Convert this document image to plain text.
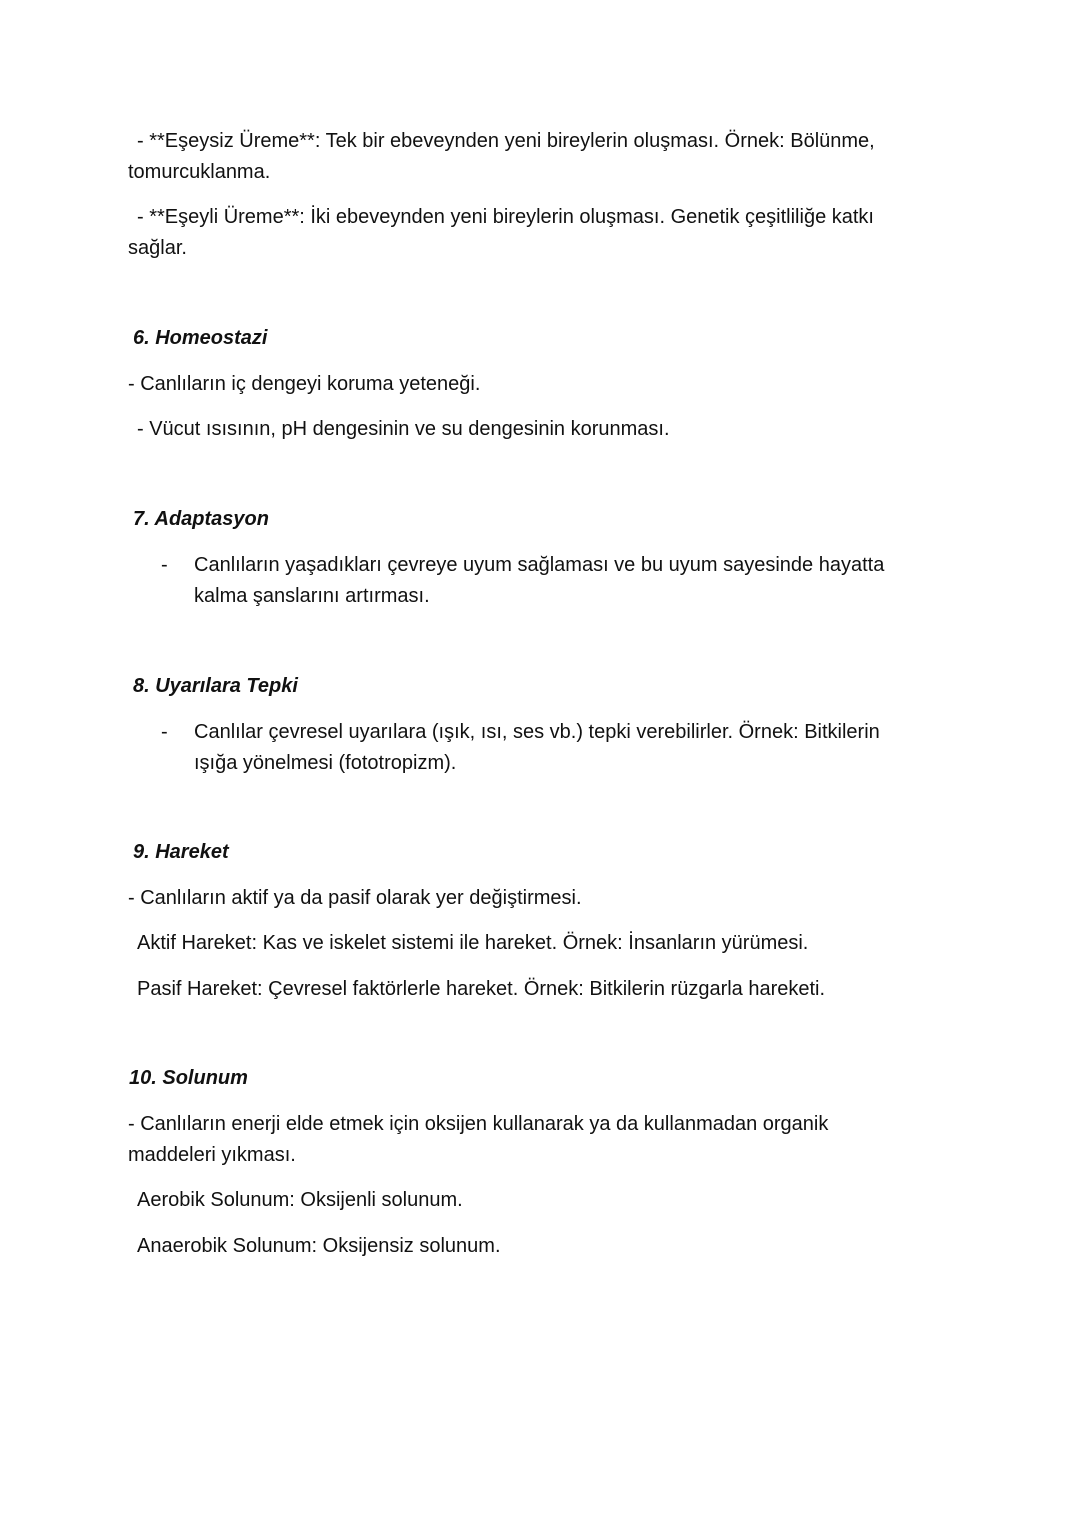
- **Eşeysiz Üreme**: Tek bir ebeveynden yeni bireylerin oluşması. Örnek: Bölünme, tomurcuklanma.

- **Eşeyli Üreme**: İki ebeveynden yeni bireylerin oluşması. Genetik çeşitliliğe katkı sağlar.

6. Homeostazi

- Canlıların iç dengeyi koruma yeteneği.

- Vücut ısısının, pH dengesinin ve su dengesinin korunması.

7. Adaptasyon
- Canlıların yaşadıkları çevreye uyum sağlaması ve bu uyum sayesinde hayatta kalma şanslarını artırması.
8. Uyarılara Tepki
- Canlılar çevresel uyarılara (ışık, ısı, ses vb.) tepki verebilirler. Örnek: Bitkilerin ışığa yönelmesi (fototropizm).
9. Hareket

- Canlıların aktif ya da pasif olarak yer değiştirmesi.

Aktif Hareket: Kas ve iskelet sistemi ile hareket. Örnek: İnsanların yürümesi.

Pasif Hareket: Çevresel faktörlerle hareket. Örnek: Bitkilerin rüzgarla hareketi.

10. Solunum

- Canlıların enerji elde etmek için oksijen kullanarak ya da kullanmadan organik maddeleri yıkması.

Aerobik Solunum: Oksijenli solunum.

Anaerobik Solunum: Oksijensiz solunum.
